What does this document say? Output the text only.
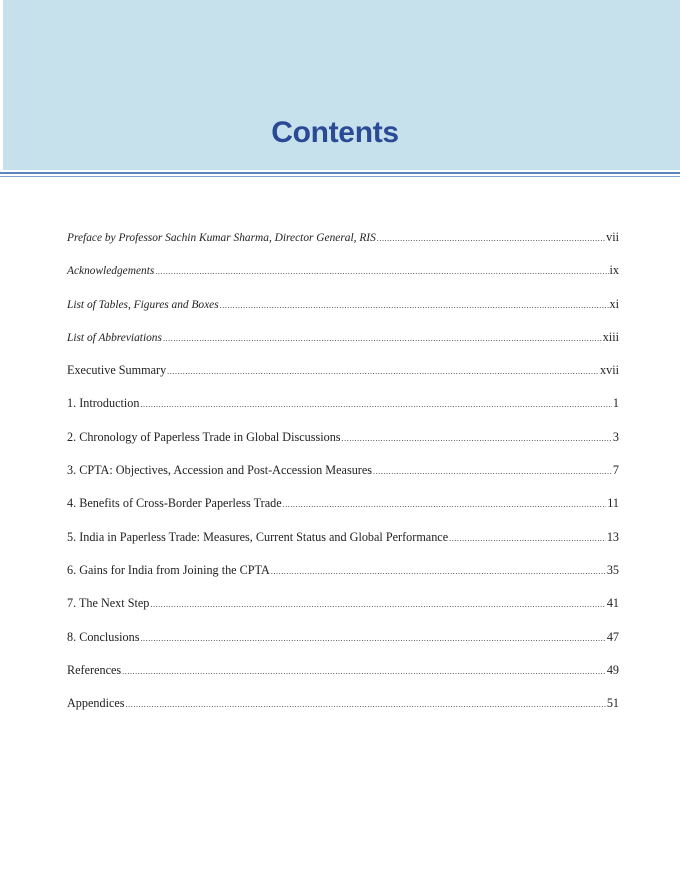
Contents
Preface by Professor Sachin Kumar Sharma, Director General, RIS .....	vii
Acknowledgements .....	ix
List of Tables, Figures and Boxes .....	xi
List of Abbreviations .....	xiii
Executive Summary .....	xvii
1. Introduction .....	1
2. Chronology of Paperless Trade in Global Discussions .....	3
3. CPTA: Objectives, Accession and Post-Accession Measures .....	7
4. Benefits of Cross-Border Paperless Trade .....	11
5. India in Paperless Trade: Measures, Current Status and Global Performance .....	13
6. Gains for India from Joining the CPTA .....	35
7. The Next Step .....	41
8. Conclusions .....	47
References .....	49
Appendices .....	51
